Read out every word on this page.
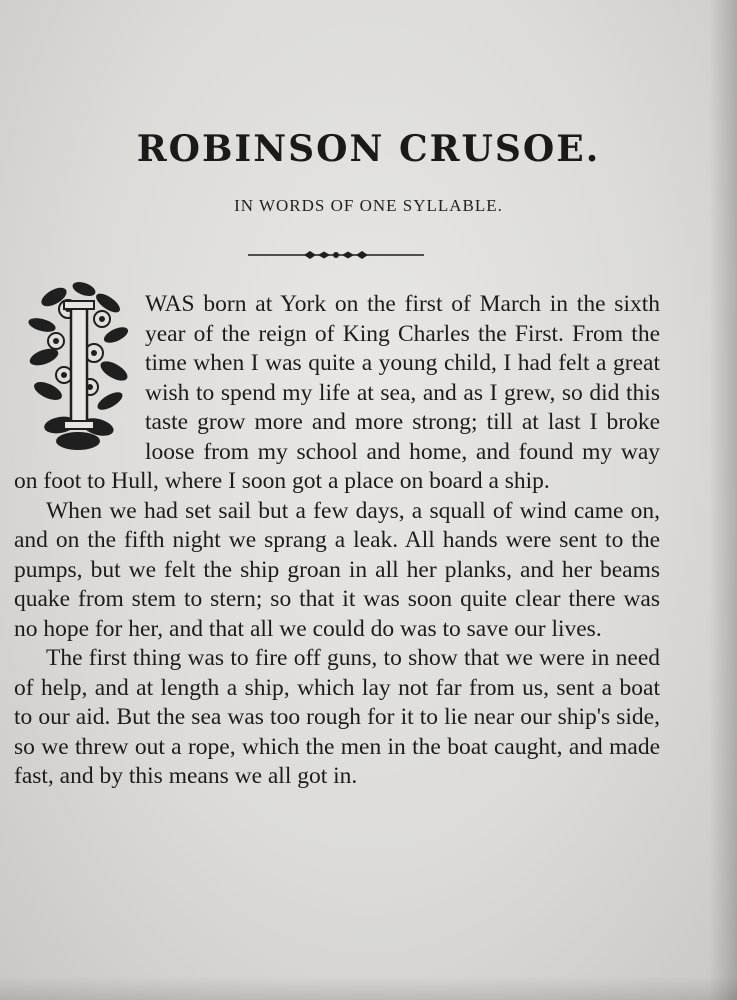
ROBINSON CRUSOE.

IN WORDS OF ONE SYLLABLE.

WAS born at York on the first of March in the sixth year of the reign of King Charles the First. From the time when I was quite a young child, I had felt a great wish to spend my life at sea, and as I grew, so did this taste grow more and more strong; till at last I broke loose from my school and home, and found my way on foot to Hull, where I soon got a place on board a ship.

When we had set sail but a few days, a squall of wind came on, and on the fifth night we sprang a leak. All hands were sent to the pumps, but we felt the ship groan in all her planks, and her beams quake from stem to stern; so that it was soon quite clear there was no hope for her, and that all we could do was to save our lives.

The first thing was to fire off guns, to show that we were in need of help, and at length a ship, which lay not far from us, sent a boat to our aid. But the sea was too rough for it to lie near our ship's side, so we threw out a rope, which the men in the boat caught, and made fast, and by this means we all got in.
